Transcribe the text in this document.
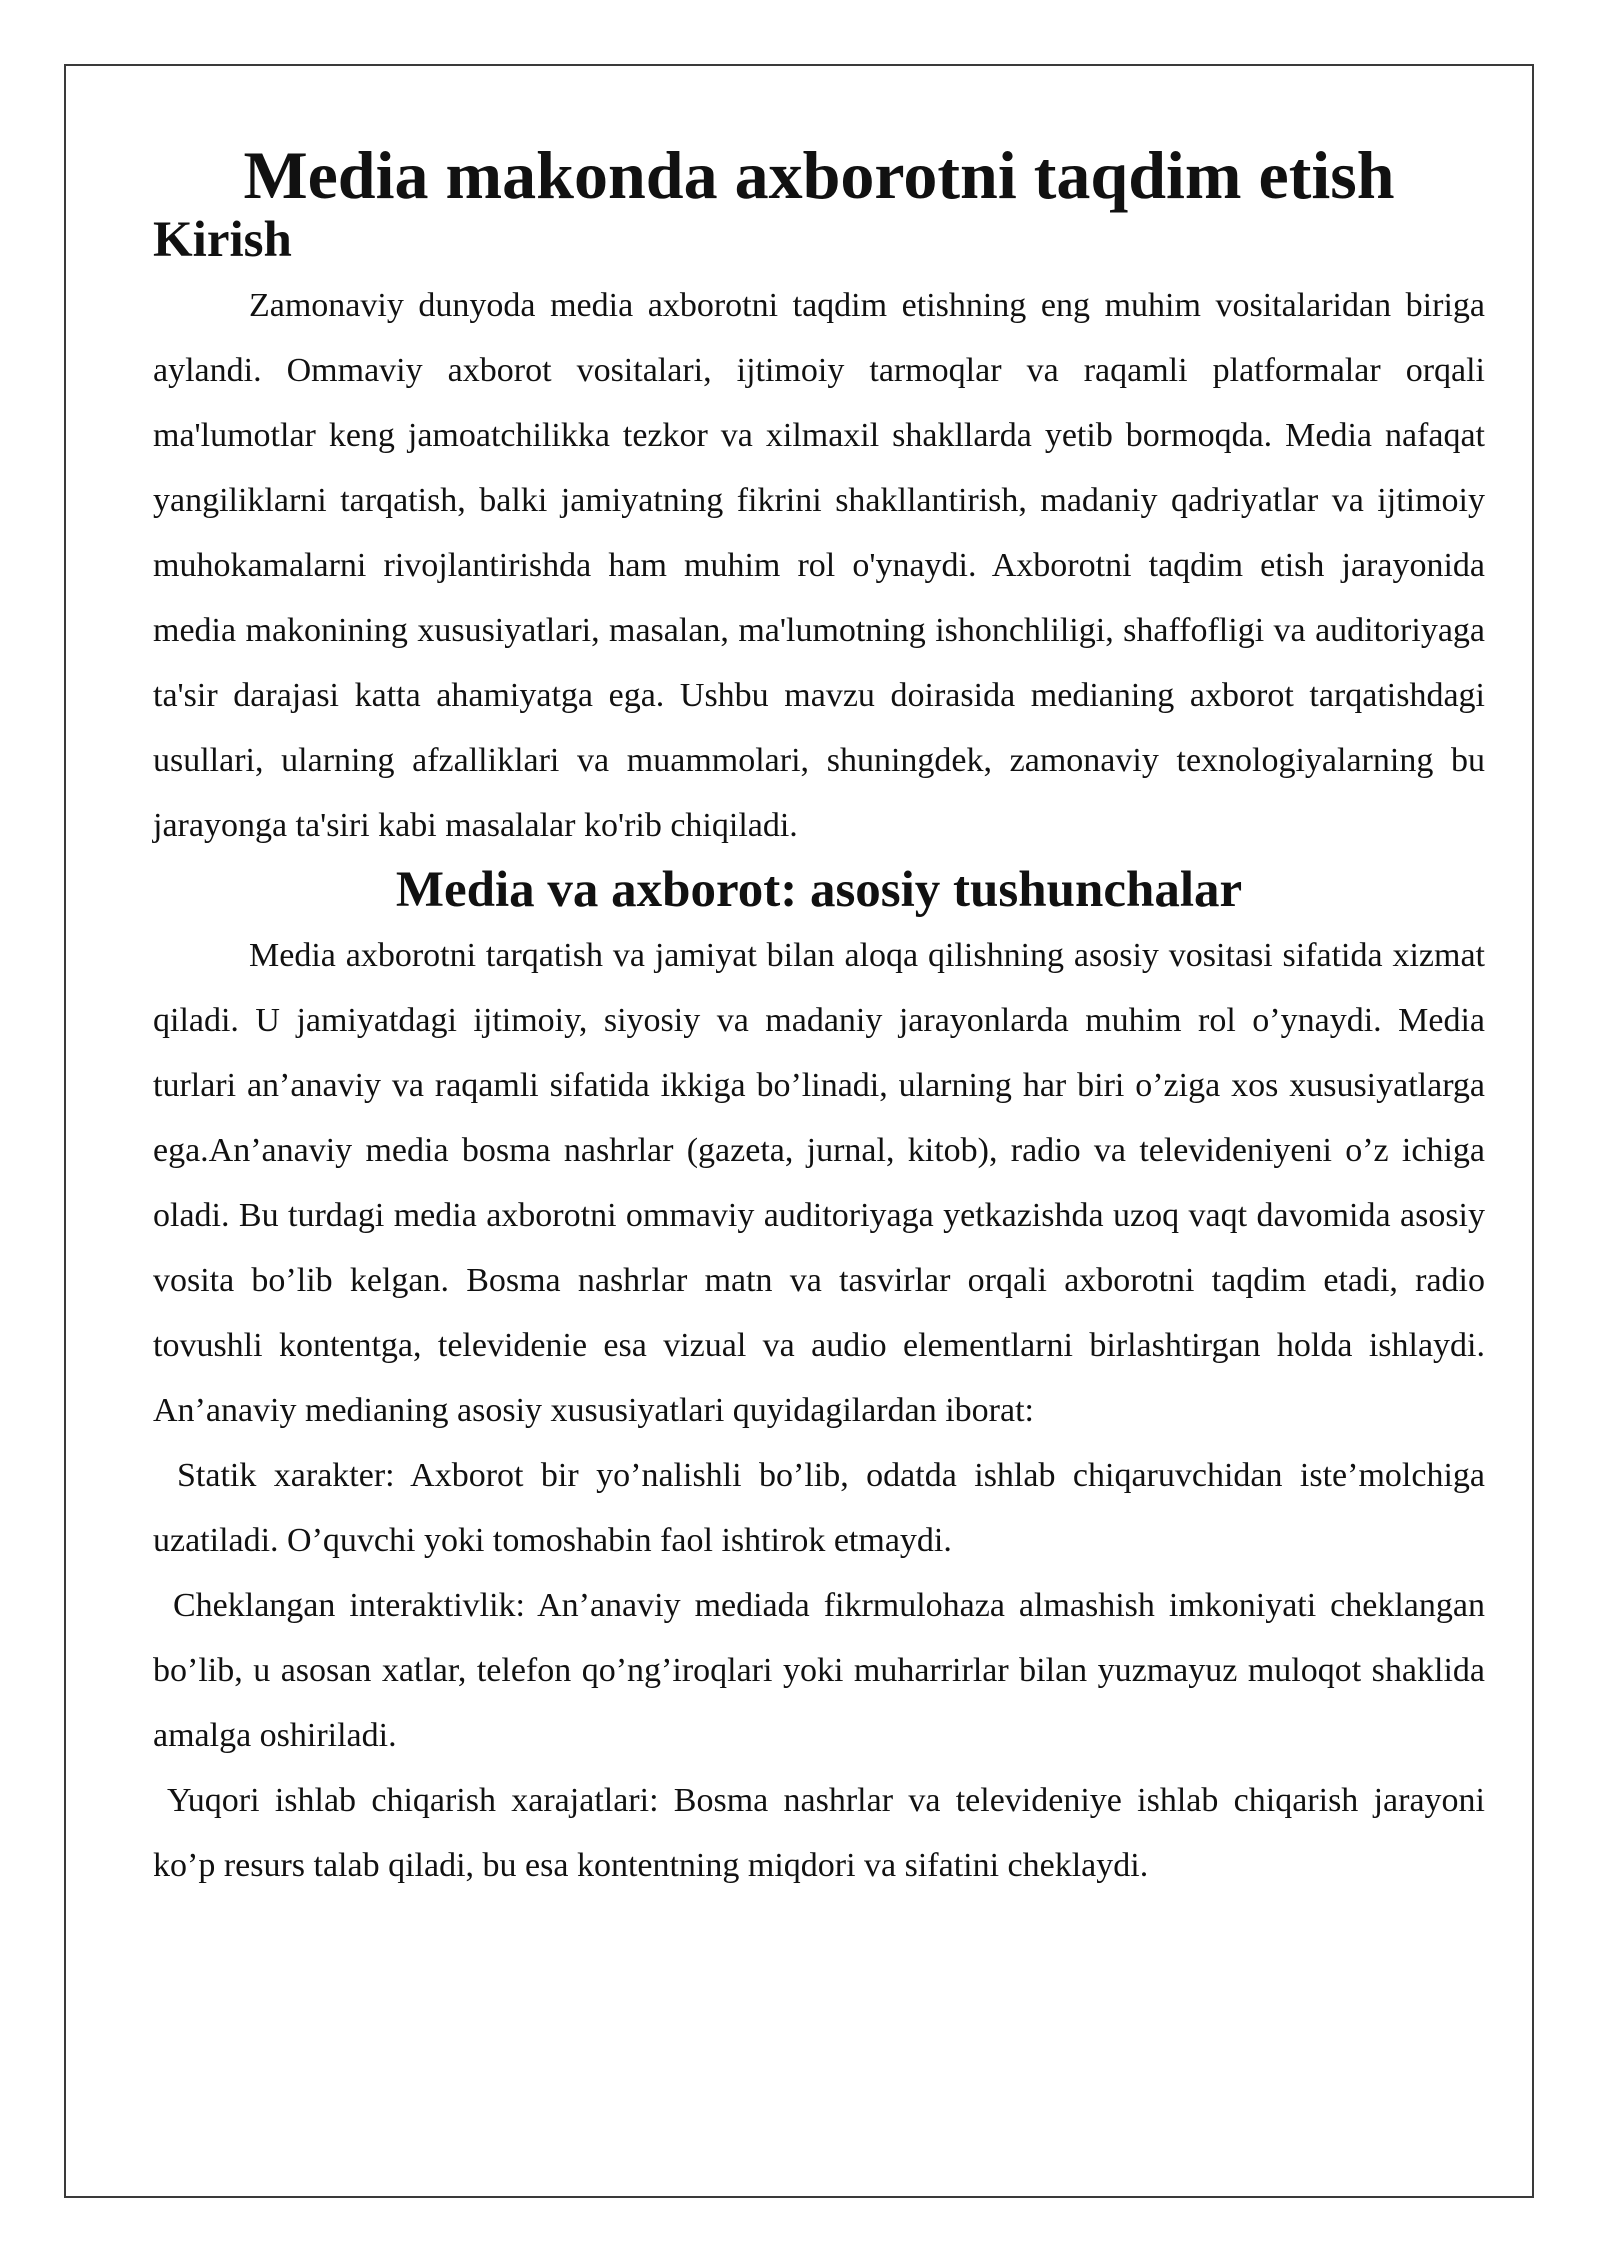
Media makonda axborotni taqdim etish
Kirish

Zamonaviy dunyoda media axborotni taqdim etishning eng muhim vositalaridan biriga aylandi. Ommaviy axborot vositalari, ijtimoiy tarmoqlar va raqamli platformalar orqali ma'lumotlar keng jamoatchilikka tezkor va xilmaxil shakllarda yetib bormoqda. Media nafaqat yangiliklarni tarqatish, balki jamiyatning fikrini shakllantirish, madaniy qadriyatlar va ijtimoiy muhokamalarni rivojlantirishda ham muhim rol o'ynaydi. Axborotni taqdim etish jarayonida media makonining xususiyatlari, masalan, ma'lumotning ishonchliligi, shaffofligi va auditoriyaga ta'sir darajasi katta ahamiyatga ega. Ushbu mavzu doirasida medianing axborot tarqatishdagi usullari, ularning afzalliklari va muammolari, shuningdek, zamonaviy texnologiyalarning bu jarayonga ta'siri kabi masalalar ko'rib chiqiladi.

Media va axborot: asosiy tushunchalar

Media axborotni tarqatish va jamiyat bilan aloqa qilishning asosiy vositasi sifatida xizmat qiladi. U jamiyatdagi ijtimoiy, siyosiy va madaniy jarayonlarda muhim rol o’ynaydi. Media turlari an’anaviy va raqamli sifatida ikkiga bo’linadi, ularning har biri o’ziga xos xususiyatlarga ega.An’anaviy media bosma nashrlar (gazeta, jurnal, kitob), radio va televideniyeni o’z ichiga oladi. Bu turdagi media axborotni ommaviy auditoriyaga yetkazishda uzoq vaqt davomida asosiy vosita bo’lib kelgan. Bosma nashrlar matn va tasvirlar orqali axborotni taqdim etadi, radio tovushli kontentga, televidenie esa vizual va audio elementlarni birlashtirgan holda ishlaydi. An’anaviy medianing asosiy xususiyatlari quyidagilardan iborat:

Statik xarakter: Axborot bir yo’nalishli bo’lib, odatda ishlab chiqaruvchidan iste’molchiga uzatiladi. O’quvchi yoki tomoshabin faol ishtirok etmaydi.

Cheklangan interaktivlik: An’anaviy mediada fikrmulohaza almashish imkoniyati cheklangan bo’lib, u asosan xatlar, telefon qo’ng’iroqlari yoki muharrirlar bilan yuzmayuz muloqot shaklida amalga oshiriladi.

Yuqori ishlab chiqarish xarajatlari: Bosma nashrlar va televideniye ishlab chiqarish jarayoni ko’p resurs talab qiladi, bu esa kontentning miqdori va sifatini cheklaydi.
